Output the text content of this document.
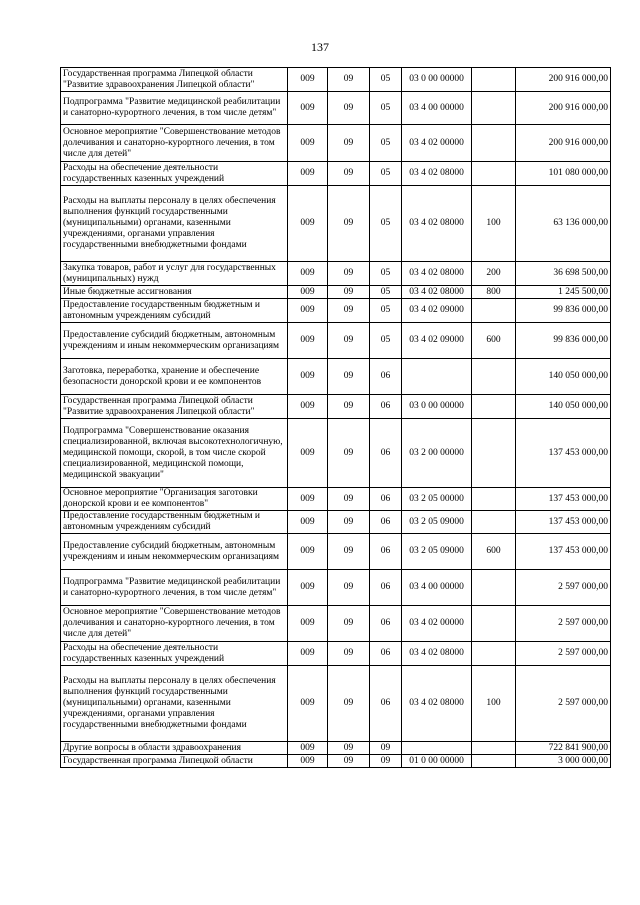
137
Государственная программа Липецкой области "Развитие здравоохранения Липецкой области"	009	09	05	03 0 00 00000		200 916 000,00
Подпрограмма "Развитие медицинской реабилитации и санаторно-курортного лечения, в том числе детям"	009	09	05	03 4 00 00000		200 916 000,00
Основное мероприятие "Совершенствование методов долечивания и санаторно-курортного лечения, в том числе для детей"	009	09	05	03 4 02 00000		200 916 000,00
Расходы на обеспечение деятельности государственных казенных учреждений	009	09	05	03 4 02 08000		101 080 000,00
Расходы на выплаты персоналу в целях обеспечения выполнения функций государственными (муниципальными) органами, казенными учреждениями, органами управления государственными внебюджетными фондами	009	09	05	03 4 02 08000	100	63 136 000,00
Закупка товаров, работ и услуг для государственных (муниципальных) нужд	009	09	05	03 4 02 08000	200	36 698 500,00
Иные бюджетные ассигнования	009	09	05	03 4 02 08000	800	1 245 500,00
Предоставление государственным бюджетным и автономным учреждениям субсидий	009	09	05	03 4 02 09000		99 836 000,00
Предоставление субсидий бюджетным, автономным учреждениям и иным некоммерческим организациям	009	09	05	03 4 02 09000	600	99 836 000,00
Заготовка, переработка, хранение и обеспечение безопасности донорской крови и ее компонентов	009	09	06			140 050 000,00
Государственная программа Липецкой области "Развитие здравоохранения Липецкой области"	009	09	06	03 0 00 00000		140 050 000,00
Подпрограмма "Совершенствование оказания специализированной, включая высокотехнологичную, медицинской помощи, скорой, в том числе скорой специализированной, медицинской помощи, медицинской эвакуации"	009	09	06	03 2 00 00000		137 453 000,00
Основное мероприятие "Организация заготовки донорской крови и ее компонентов"	009	09	06	03 2 05 00000		137 453 000,00
Предоставление государственным бюджетным и автономным учреждениям субсидий	009	09	06	03 2 05 09000		137 453 000,00
Предоставление субсидий бюджетным, автономным учреждениям и иным некоммерческим организациям	009	09	06	03 2 05 09000	600	137 453 000,00
Подпрограмма "Развитие медицинской реабилитации и санаторно-курортного лечения, в том числе детям"	009	09	06	03 4 00 00000		2 597 000,00
Основное мероприятие "Совершенствование методов долечивания и санаторно-курортного лечения, в том числе для детей"	009	09	06	03 4 02 00000		2 597 000,00
Расходы на обеспечение деятельности государственных казенных учреждений	009	09	06	03 4 02 08000		2 597 000,00
Расходы на выплаты персоналу в целях обеспечения выполнения функций государственными (муниципальными) органами, казенными учреждениями, органами управления государственными внебюджетными фондами	009	09	06	03 4 02 08000	100	2 597 000,00
Другие вопросы в области здравоохранения	009	09	09			722 841 900,00
Государственная программа Липецкой области	009	09	09	01 0 00 00000		3 000 000,00
